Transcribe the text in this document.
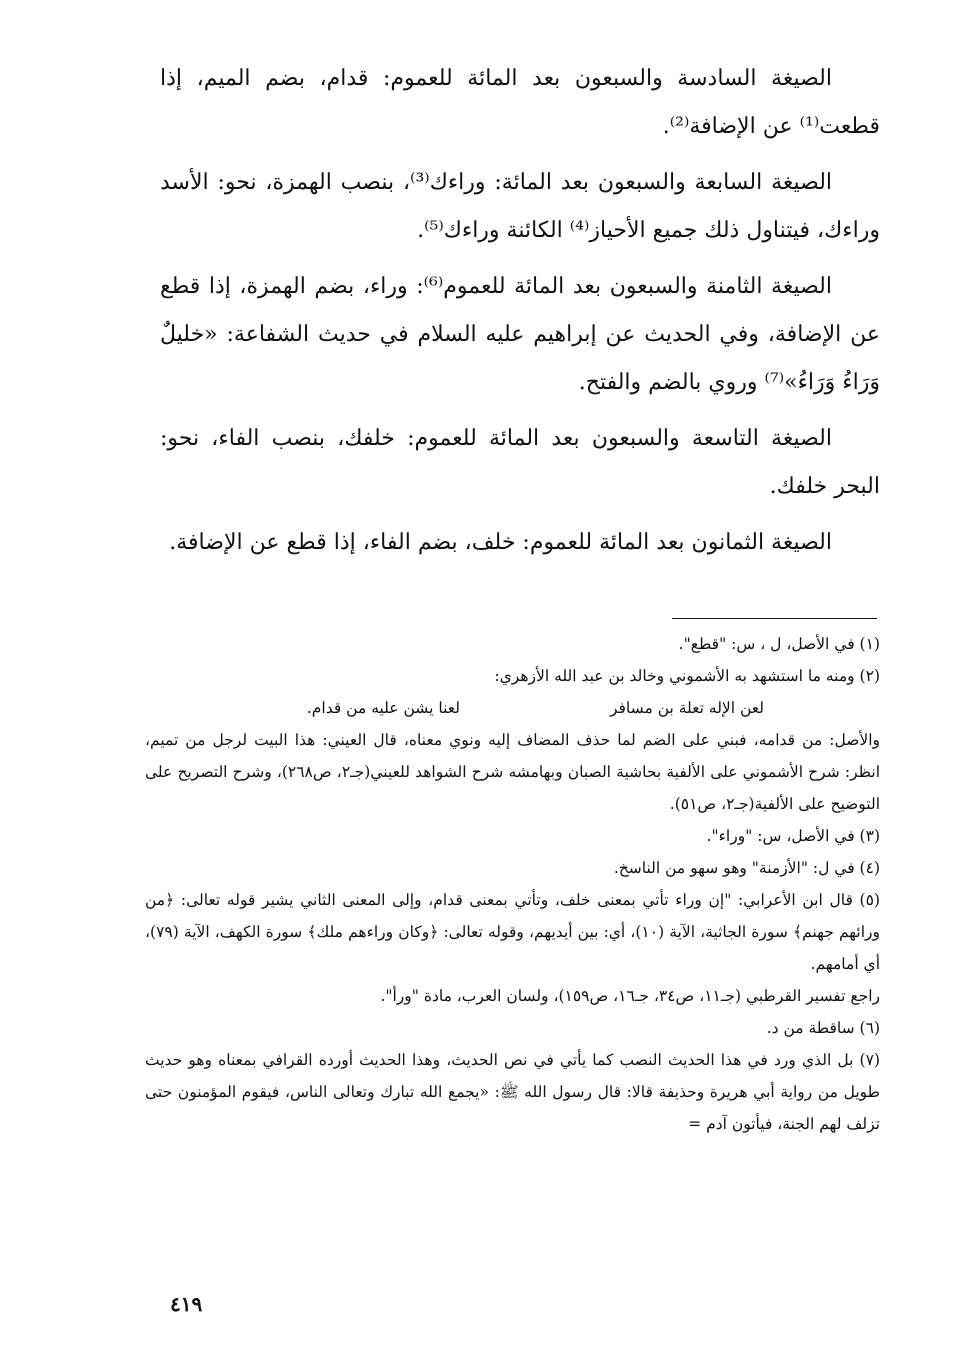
الصيغة السادسة والسبعون بعد المائة للعموم: قدام، بضم الميم، إذا قطعت⁽¹⁾ عن الإضافة⁽²⁾.

الصيغة السابعة والسبعون بعد المائة: وراءك⁽³⁾، بنصب الهمزة، نحو: الأسد وراءك، فيتناول ذلك جميع الأحياز⁽⁴⁾ الكائنة وراءك⁽⁵⁾.

الصيغة الثامنة والسبعون بعد المائة للعموم⁽⁶⁾: وراء، بضم الهمزة، إذا قطع عن الإضافة، وفي الحديث عن إبراهيم عليه السلام في حديث الشفاعة: «خليلٌ وَرَاءُ وَرَاءُ»⁽⁷⁾ وروي بالضم والفتح.

الصيغة التاسعة والسبعون بعد المائة للعموم: خلفك، بنصب الفاء، نحو: البحر خلفك.

الصيغة الثمانون بعد المائة للعموم: خلف، بضم الفاء، إذا قطع عن الإضافة.

(١) في الأصل، ل ، س: "قطع".

(٢) ومنه ما استشهد به الأشموني وخالد بن عبد الله الأزهري:

لعن الإله تعلة بن مسافر
لعنا يشن عليه من قدام.

والأصل: من قدامه، فبني على الضم لما حذف المضاف إليه ونوي معناه، قال العيني: هذا البيت لرجل من تميم، انظر: شرح الأشموني على الألفية بحاشية الصبان وبهامشه شرح الشواهد للعيني(جـ٢، ص٢٦٨)، وشرح التصريح على التوضيح على الألفية(جـ٢، ص٥١).

(٣) في الأصل، س: "وراء".

(٤) في ل: "الأزمنة" وهو سهو من الناسخ.

(٥) قال ابن الأعرابي: "إن وراء تأتي بمعنى خلف، وتأتي بمعنى قدام، وإلى المعنى الثاني يشير قوله تعالى: ﴿من ورائهم جهنم﴾ سورة الجاثية، الآية (١٠)، أي: بين أيديهم، وقوله تعالى: ﴿وكان وراءهم ملك﴾ سورة الكهف، الآية (٧٩)، أي أمامهم.

راجع تفسير القرطبي (جـ١١، ص٣٤، جـ١٦، ص١٥٩)، ولسان العرب، مادة "ورأ".

(٦) ساقطة من د.

(٧) بل الذي ورد في هذا الحديث النصب كما يأتي في نص الحديث، وهذا الحديث أورده القرافي بمعناه وهو حديث طويل من رواية أبي هريرة وحذيفة قالا: قال رسول الله ﷺ: «يجمع الله تبارك وتعالى الناس، فيقوم المؤمنون حتى تزلف لهم الجنة، فيأتون آدم =

٤١٩
